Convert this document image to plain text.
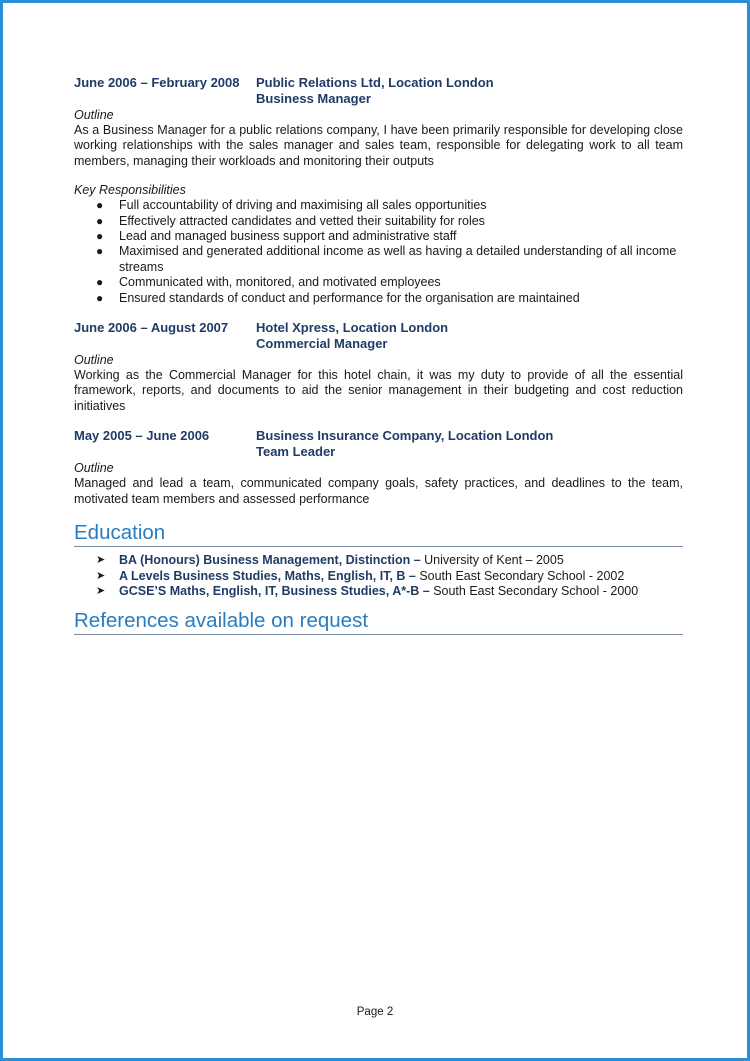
June 2006 – February 2008	Public Relations Ltd, Location London
Business Manager
Outline

As a Business Manager for a public relations company, I have been primarily responsible for developing close working relationships with the sales manager and sales team, responsible for delegating work to all team members, managing their workloads and monitoring their outputs

Key Responsibilities
● Full accountability of driving and maximising all sales opportunities
● Effectively attracted candidates and vetted their suitability for roles
● Lead and managed business support and administrative staff
● Maximised and generated additional income as well as having a detailed understanding of all income streams
● Communicated with, monitored, and motivated employees
● Ensured standards of conduct and performance for the organisation are maintained
June 2006 – August 2007	Hotel Xpress, Location London
Commercial Manager
Outline

Working as the Commercial Manager for this hotel chain, it was my duty to provide of all the essential framework, reports, and documents to aid the senior management in their budgeting and cost reduction initiatives

May 2005 – June 2006	Business Insurance Company, Location London
Team Leader
Outline

Managed and lead a team, communicated company goals, safety practices, and deadlines to the team, motivated team members and assessed performance

Education
➤ BA (Honours) Business Management, Distinction – University of Kent – 2005
➤ A Levels Business Studies, Maths, English, IT, B – South East Secondary School - 2002
➤ GCSE’S Maths, English, IT, Business Studies, A*-B – South East Secondary School - 2000
References available on request
Page 2
